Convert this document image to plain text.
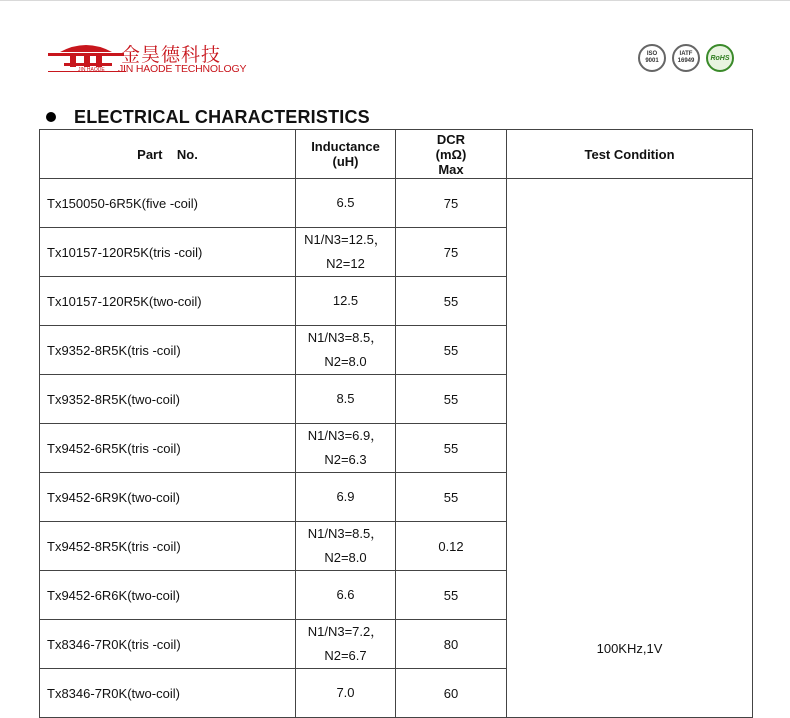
金昊德科技
JIN HAODE JIN HAODE TECHNOLOGY
ISO
9001
IATF
16949 RoHS
ELECTRICAL CHARACTERISTICS
Part    No.	Inductance
(uH)	DCR
(mΩ)
Max	Test Condition
Tx150050-6R5K(five -coil)	6.5	75	100KHz,1V
Tx10157-120R5K(tris -coil)	N1/N3=12.5，
N2=12	75	
Tx10157-120R5K(two-coil)	12.5	55	
Tx9352-8R5K(tris -coil)	N1/N3=8.5，
N2=8.0	55	
Tx9352-8R5K(two-coil)	8.5	55	
Tx9452-6R5K(tris -coil)	N1/N3=6.9，
N2=6.3	55	
Tx9452-6R9K(two-coil)	6.9	55	
Tx9452-8R5K(tris -coil)	N1/N3=8.5，
N2=8.0	0.12	
Tx9452-6R6K(two-coil)	6.6	55	
Tx8346-7R0K(tris -coil)	N1/N3=7.2，
N2=6.7	80	
Tx8346-7R0K(two-coil)	7.0	60	
